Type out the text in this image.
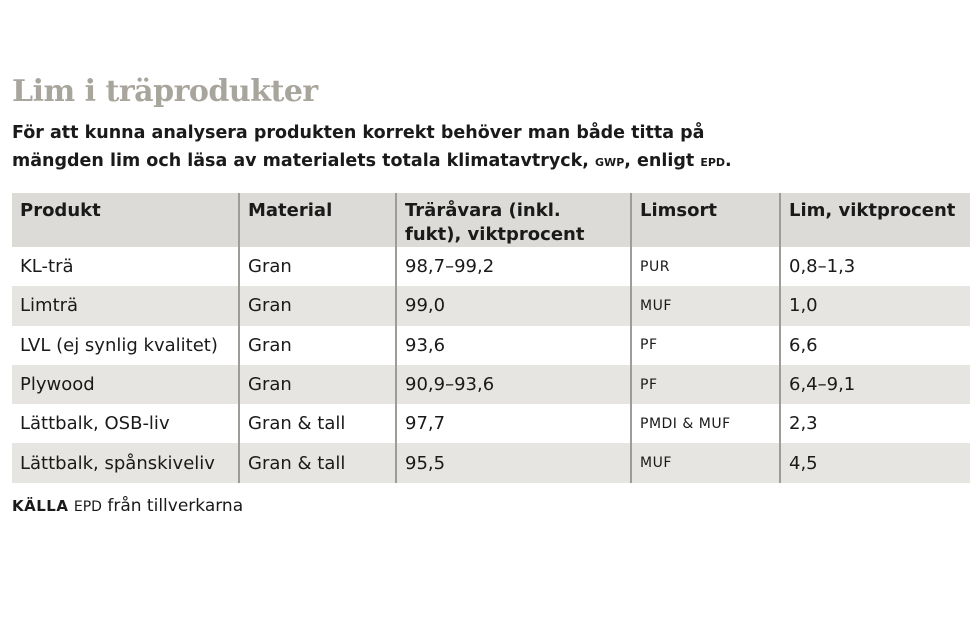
Lim i träprodukter
För att kunna analysera produkten korrekt behöver man både titta på
mängden lim och läsa av materialets totala klimatavtryck, gwp, enligt epd.
Produkt	Material	Träråvara (inkl. fukt), viktprocent	Limsort	Lim, viktprocent
KL-trä	Gran	98,7–99,2	PUR	0,8–1,3
Limträ	Gran	99,0	MUF	1,0
LVL (ej synlig kvalitet)	Gran	93,6	PF	6,6
Plywood	Gran	90,9–93,6	PF	6,4–9,1
Lättbalk, OSB-liv	Gran & tall	97,7	PMDI & MUF	2,3
Lättbalk, spånskiveliv	Gran & tall	95,5	MUF	4,5
KÄLLA EPD från tillverkarna
